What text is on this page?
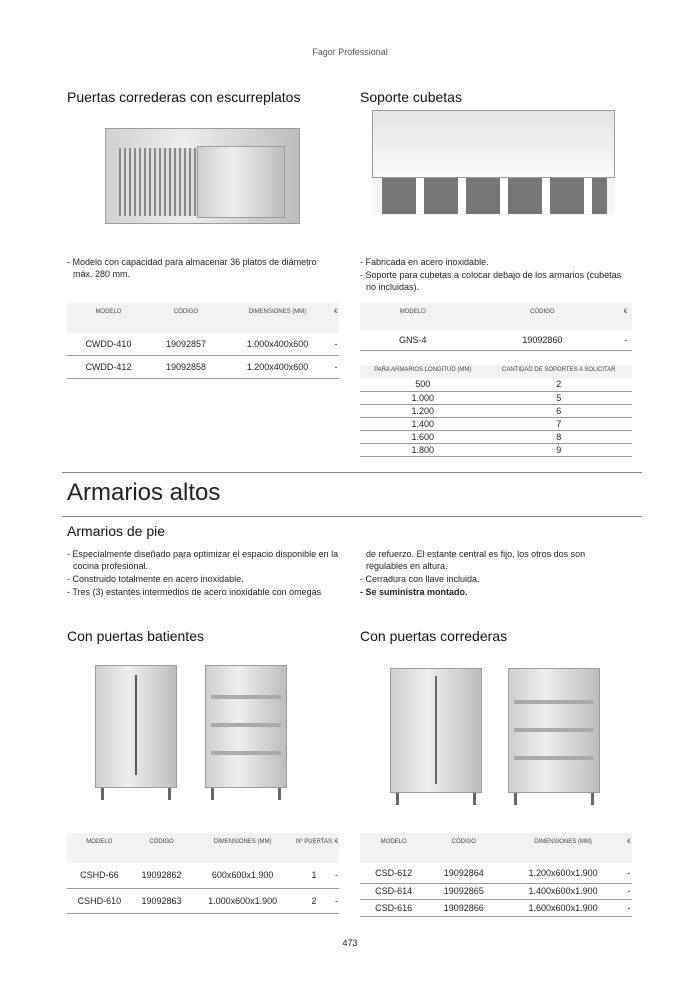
Fagor Professional
Puertas correderas con escurreplatos
- Modelo con capacidad para almacenar 36 platos de diámetro máx. 280 mm.
MODELO	CÓDIGO	DIMENSIONES (MM)	€
CWDD-410	19092857	1.000x400x600	-
CWDD-412	19092858	1.200x400x600	-
Soporte cubetas
- Fabricada en acero inoxidable.
- Soporte para cubetas a colocar debajo de los armarios (cubetas no incluidas).
MODELO	CÓDIGO	€
GNS-4	19092860	-
PARA ARMARIOS LONGITUD (MM)	CANTIDAD DE SOPORTES A SOLICITAR
500	2
1.000	5
1.200	6
1.400	7
1.600	8
1.800	9
Armarios altos
Armarios de pie
- Especialmente diseñado para optimizar el espacio disponible en la cocina profesional.
- Construido totalmente en acero inoxidable.
- Tres (3) estantes intermedios de acero inoxidable con omegas
de refuerzo. El estante central es fijo, los otros dos son regulables en altura.
- Cerradura con llave incluida.
- Se suministra montado.
Con puertas batientes
MODELO	CÓDIGO	DIMENSIONES (MM)	Nº PUERTAS	€
CSHD-66	19092862	600x600x1.900	1	-
CSHD-610	19092863	1.000x600x1.900	2	-
Con puertas correderas
MODELO	CÓDIGO	DIMENSIONES (MM)	€
CSD-612	19092864	1.200x600x1.900	-
CSD-614	19092865	1.400x600x1.900	-
CSD-616	19092866	1.600x600x1.900	-
473
